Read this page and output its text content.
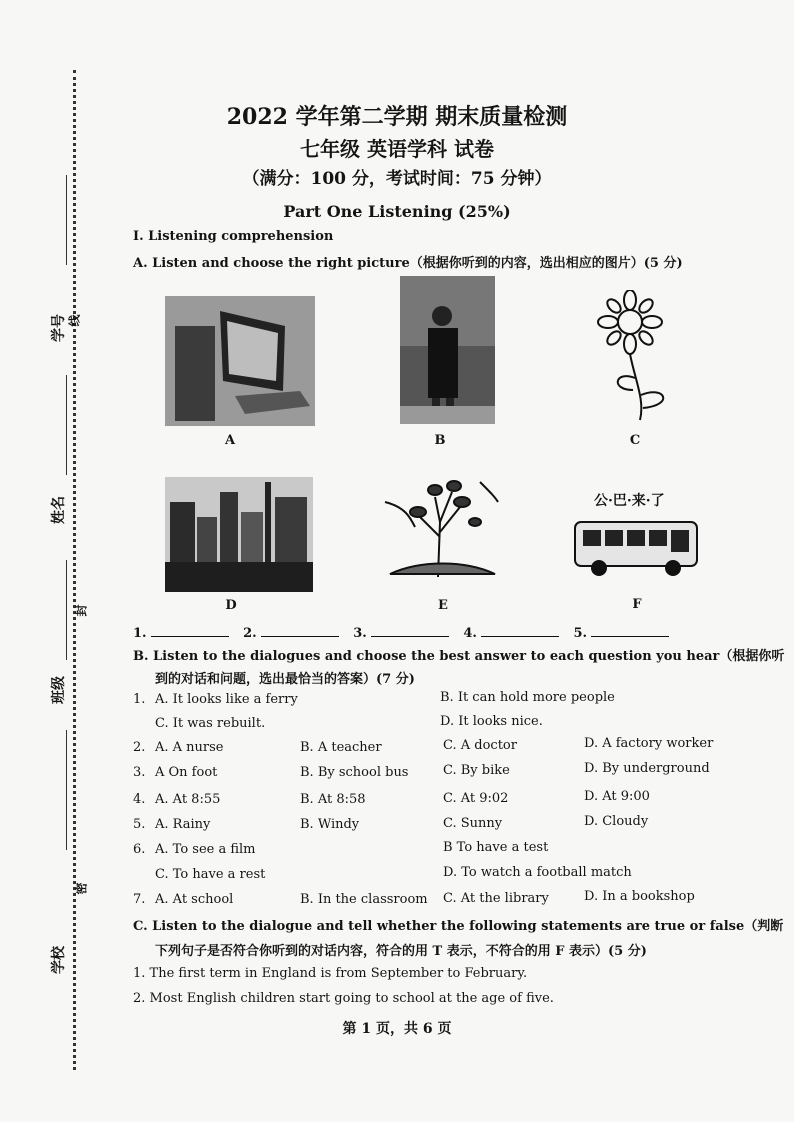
学号 线
姓名
封
班级
密
学校
2022 学年第二学期 期末质量检测
七年级 英语学科 试卷
（满分：100 分，考试时间：75 分钟）
Part One Listening (25%)
I. Listening comprehension
A. Listen and choose the right picture（根据你听到的内容，选出相应的图片）(5 分)
A	B	C
D	E
公·巴·来·了
F
1.	2.	3.	4.	5.
B. Listen to the dialogues and choose the best answer to each question you hear（根据你听
到的对话和问题，选出最恰当的答案）(7 分)
1. A. It looks like a ferry	B. It can hold more people
C. It was rebuilt.	D. It looks nice.
2. A. A nurse	B. A teacher	C. A doctor	D. A factory worker
3. A On foot	B. By school bus	C. By bike	D. By underground
4. A. At 8:55	B. At 8:58	C. At 9:02	D. At 9:00
5. A. Rainy	B. Windy	C. Sunny	D. Cloudy
6. A. To see a film	B To have a test
C. To have a rest	D. To watch a football match
7. A. At school	B. In the classroom C. At the library	D. In a bookshop
C. Listen to the dialogue and tell whether the following statements are true or false（判断
下列句子是否符合你听到的对话内容，符合的用 T 表示，不符合的用 F 表示）(5 分)
1. The first term in England is from September to February.
2. Most English children start going to school at the age of five.
第 1 页，共 6 页
